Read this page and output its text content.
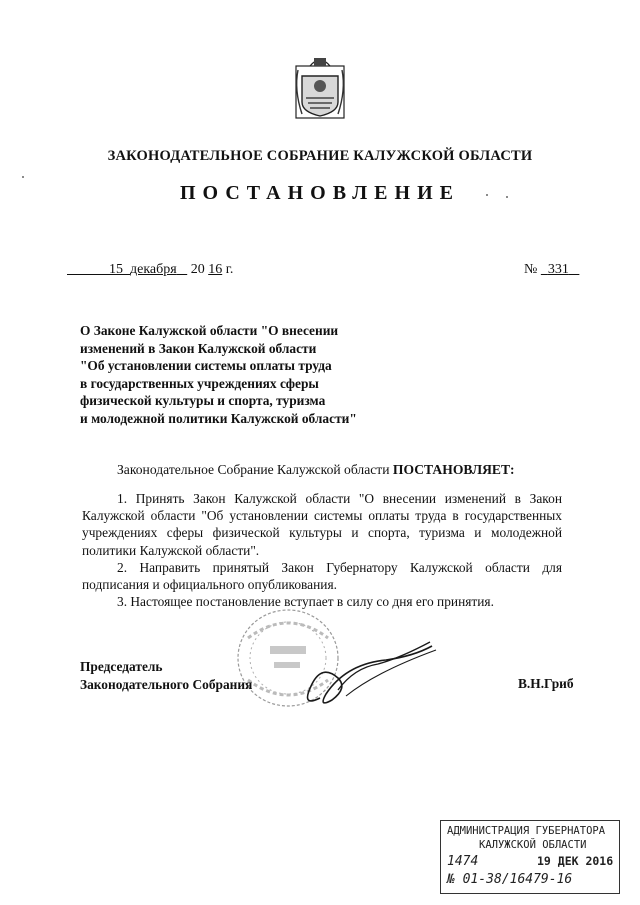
ЗАКОНОДАТЕЛЬНОЕ СОБРАНИЕ КАЛУЖСКОЙ ОБЛАСТИ
ПОСТАНОВЛЕНИЕ
15 декабря 20 16 г.	№ 331
О Законе Калужской области "О внесении
изменений в Закон Калужской области
"Об установлении системы оплаты труда
в государственных учреждениях сферы
физической культуры и спорта, туризма
и молодежной политики Калужской области"
Законодательное Собрание Калужской области ПОСТАНОВЛЯЕТ:

1. Принять Закон Калужской области "О внесении изменений в Закон Калужской области "Об установлении системы оплаты труда в государственных учреждениях сферы физической культуры и спорта, туризма и молодежной политики Калужской области".

2. Направить принятый Закон Губернатору Калужской области для подписания и официального опубликования.

3. Настоящее постановление вступает в силу со дня его принятия.

Председатель
Законодательного Собрания	В.Н.Гриб
АДМИНИСТРАЦИЯ ГУБЕРНАТОРА
КАЛУЖСКОЙ ОБЛАСТИ
1474	19 ДЕК 2016
№ 01-38/16479-16
